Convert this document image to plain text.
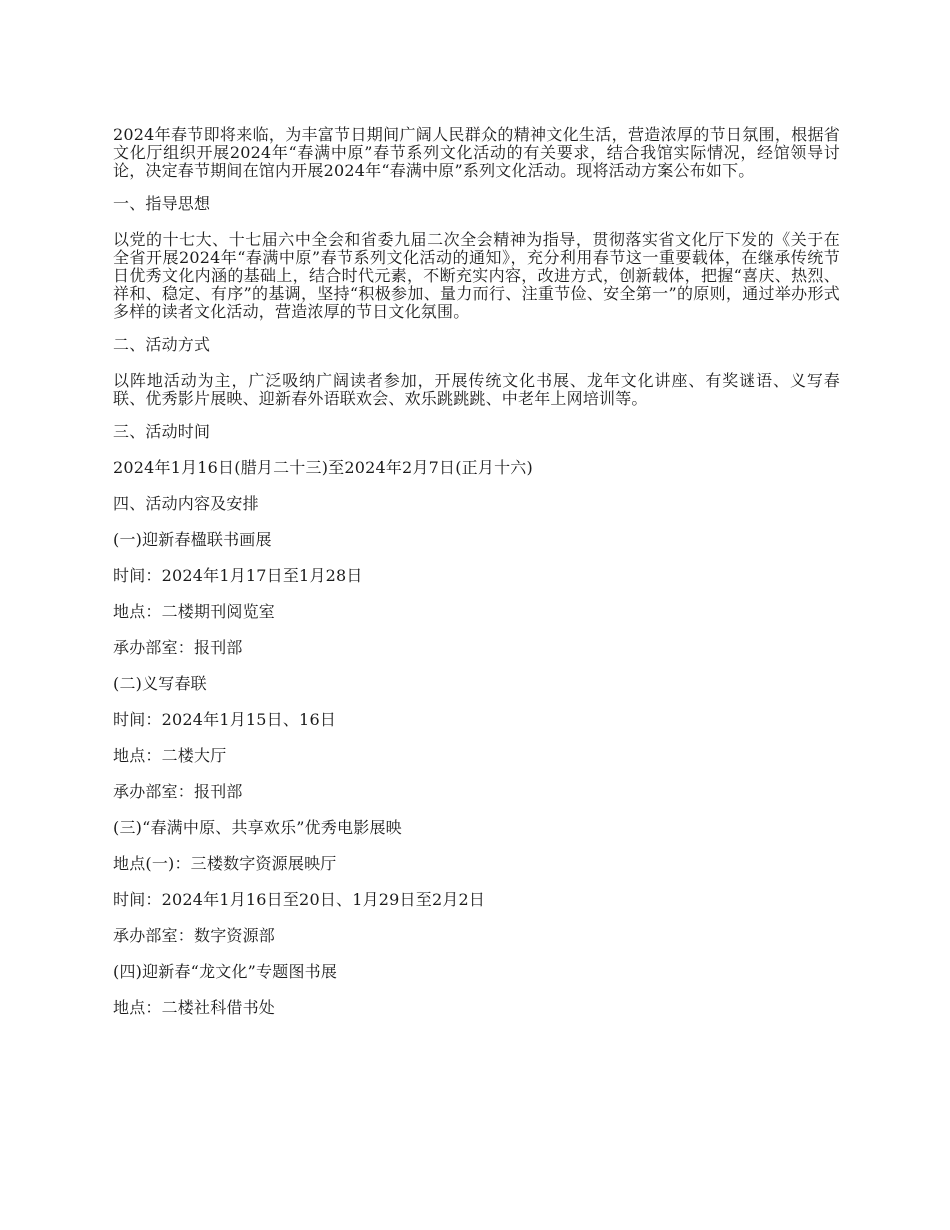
2024年春节即将来临，为丰富节日期间广阔人民群众的精神文化生活，营造浓厚的节日氛围，根据省文化厅组织开展2024年“春满中原”春节系列文化活动的有关要求，结合我馆实际情况，经馆领导讨论，决定春节期间在馆内开展2024年“春满中原”系列文化活动。现将活动方案公布如下。

一、指导思想

以党的十七大、十七届六中全会和省委九届二次全会精神为指导，贯彻落实省文化厅下发的《关于在全省开展2024年“春满中原”春节系列文化活动的通知》，充分利用春节这一重要载体，在继承传统节日优秀文化内涵的基础上，结合时代元素，不断充实内容，改进方式，创新载体，把握“喜庆、热烈、祥和、稳定、有序”的基调，坚持“积极参加、量力而行、注重节俭、安全第一”的原则，通过举办形式多样的读者文化活动，营造浓厚的节日文化氛围。

二、活动方式

以阵地活动为主，广泛吸纳广阔读者参加，开展传统文化书展、龙年文化讲座、有奖谜语、义写春联、优秀影片展映、迎新春外语联欢会、欢乐跳跳跳、中老年上网培训等。

三、活动时间

2024年1月16日(腊月二十三)至2024年2月7日(正月十六)

四、活动内容及安排

(一)迎新春楹联书画展

时间：2024年1月17日至1月28日

地点：二楼期刊阅览室

承办部室：报刊部

(二)义写春联

时间：2024年1月15日、16日

地点：二楼大厅

承办部室：报刊部

(三)“春满中原、共享欢乐”优秀电影展映

地点(一)：三楼数字资源展映厅

时间：2024年1月16日至20日、1月29日至2月2日

承办部室：数字资源部

(四)迎新春“龙文化”专题图书展

地点：二楼社科借书处
